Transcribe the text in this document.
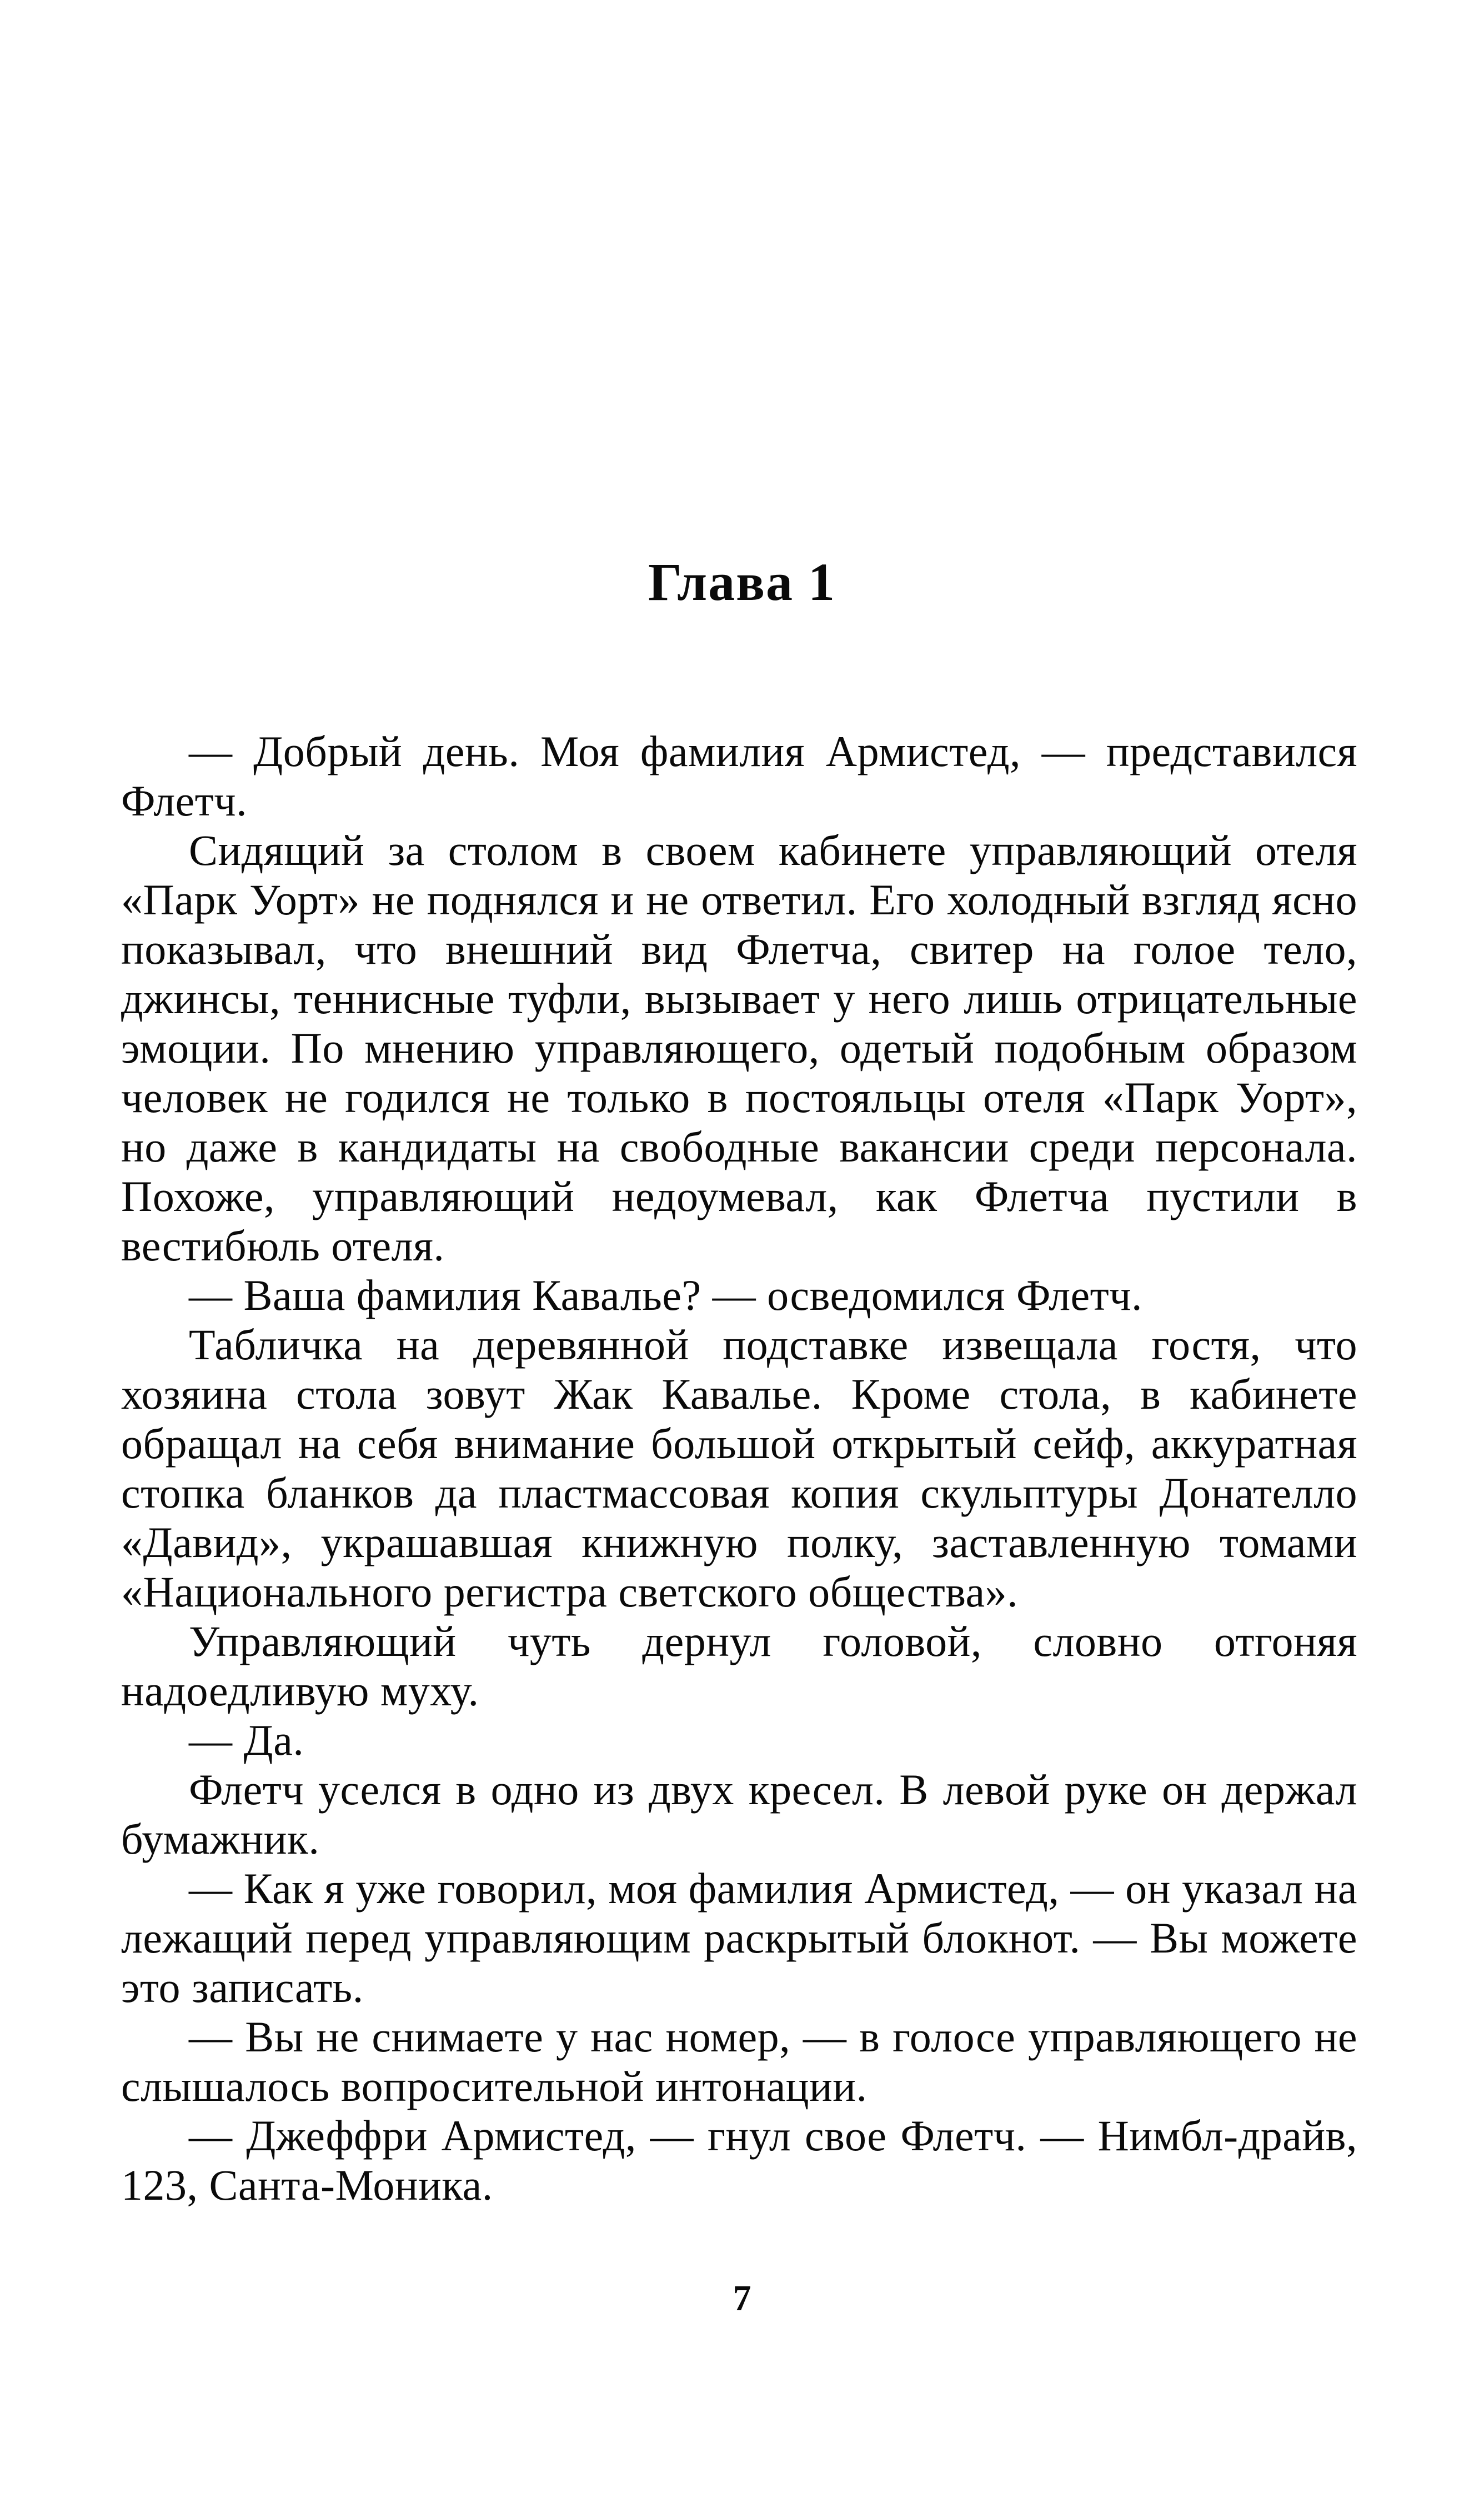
Глава 1

— Добрый день. Моя фамилия Армистед, — представился Флетч.

Сидящий за столом в своем кабинете управляющий отеля «Парк Уорт» не поднялся и не ответил. Его холодный взгляд ясно показывал, что внешний вид Флетча, свитер на голое тело, джинсы, теннисные туфли, вызывает у него лишь отрицательные эмоции. По мнению управляющего, одетый подобным образом человек не годился не только в постояльцы отеля «Парк Уорт», но даже в кандидаты на свободные вакансии среди персонала. Похоже, управляющий недоумевал, как Флетча пустили в вестибюль отеля.

— Ваша фамилия Кавалье? — осведомился Флетч.

Табличка на деревянной подставке извещала гостя, что хозяина стола зовут Жак Кавалье. Кроме стола, в кабинете обращал на себя внимание большой открытый сейф, аккуратная стопка бланков да пластмассовая копия скульптуры Донателло «Давид», украшавшая книжную полку, заставленную томами «Национального регистра светского общества».

Управляющий чуть дернул головой, словно отгоняя надоедливую муху.

— Да.

Флетч уселся в одно из двух кресел. В левой руке он держал бумажник.

— Как я уже говорил, моя фамилия Армистед, — он указал на лежащий перед управляющим раскрытый блокнот. — Вы можете это записать.

— Вы не снимаете у нас номер, — в голосе управляющего не слышалось вопросительной интонации.

— Джеффри Армистед, — гнул свое Флетч. — Нимбл-драйв, 123, Санта-Моника.

7
